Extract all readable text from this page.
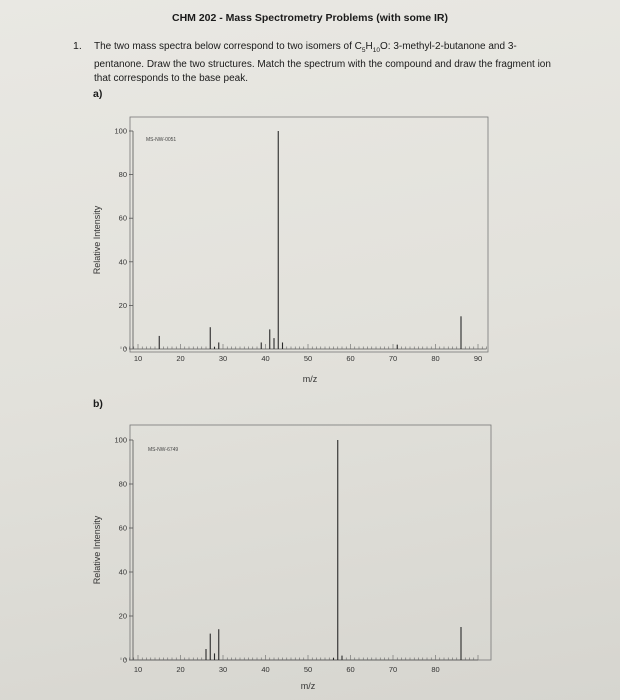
CHM 202 - Mass Spectrometry Problems (with some IR)
1. The two mass spectra below correspond to two isomers of $C_5H_{10}O$: 3-methyl-2-butanone and 3-pentanone. Draw the two structures. Match the spectrum with the compound and draw the fragment ion that corresponds to the base peak.
a)
b)
MS-NW-0051
m/z
Relative Intensity
100
80
60
40
20
0
10	20	30	40	50	60	70	80	90
MS-NW-6749
m/z
Relative Intensity
100
80
60
40
20
0
10	20	30	40	50	60	70	80
